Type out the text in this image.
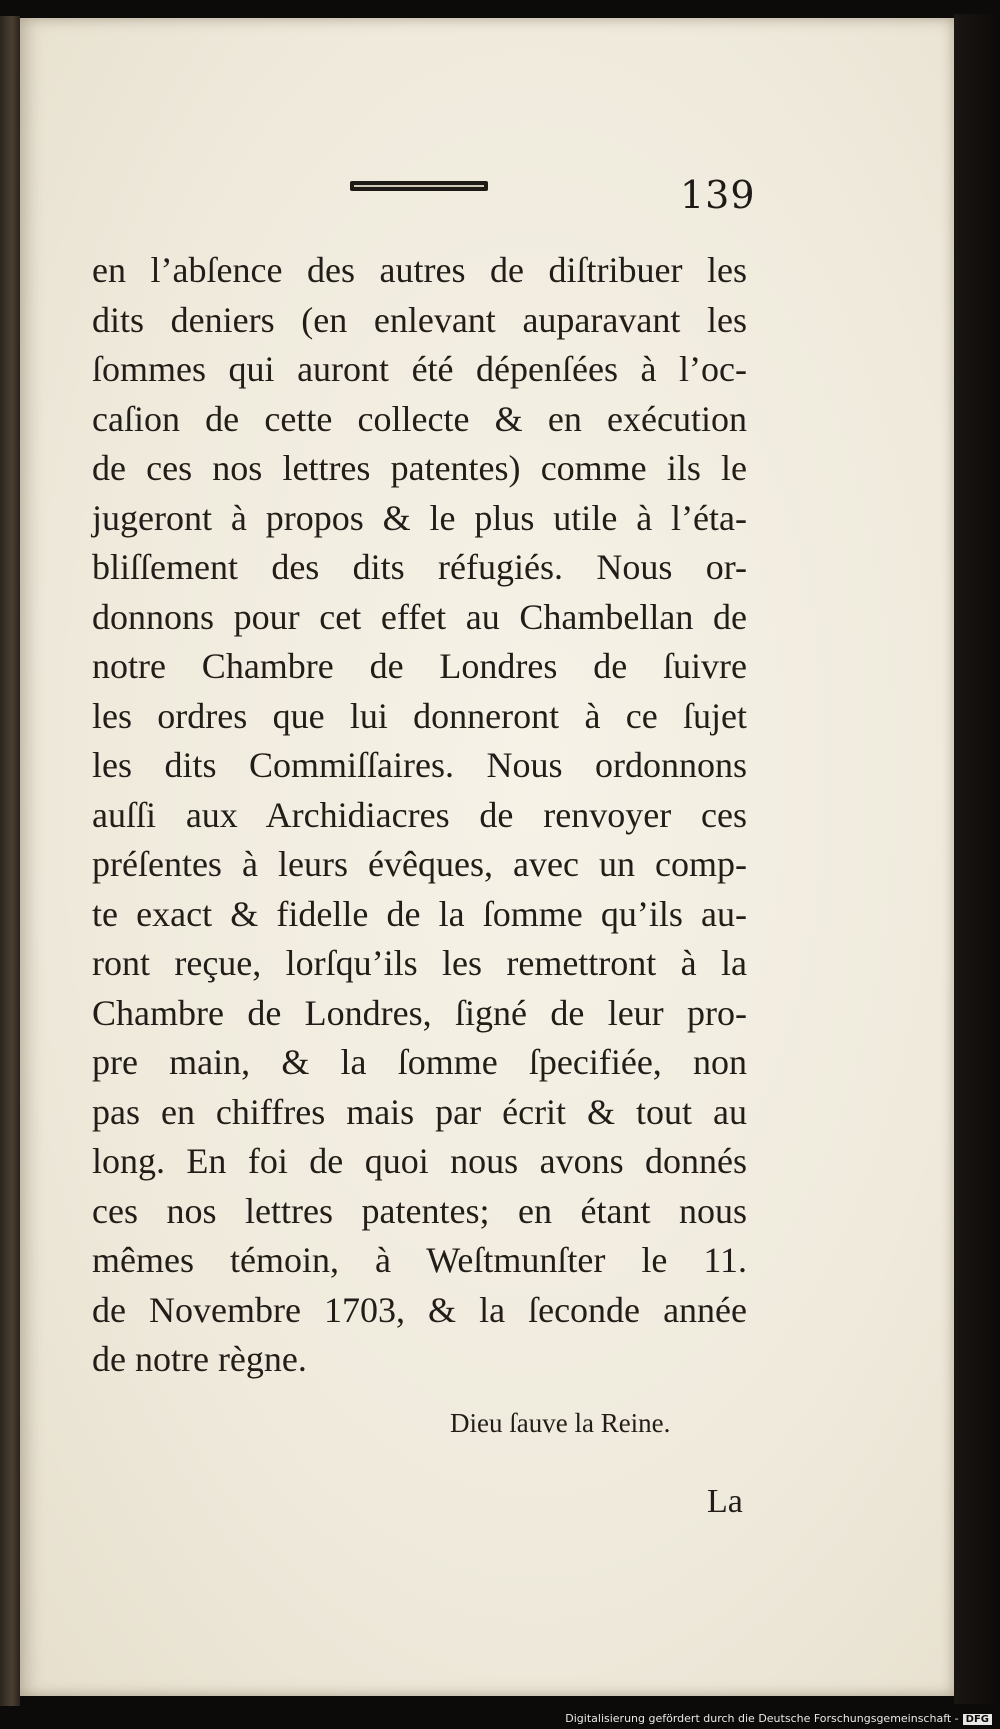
139
en l’abſence des autres de diſtribuer les
dits deniers (en enlevant auparavant les
ſommes qui auront été dépenſées à l’oc-
caſion de cette collecte & en exécution
de ces nos lettres patentes) comme ils le
jugeront à propos & le plus utile à l’éta-
bliſſement des dits réfugiés. Nous or-
donnons pour cet effet au Chambellan de
notre Chambre de Londres de ſuivre
les ordres que lui donneront à ce ſujet
les dits Commiſſaires. Nous ordonnons
auſſi aux Archidiacres de renvoyer ces
préſentes à leurs évêques, avec un comp-
te exact & fidelle de la ſomme qu’ils au-
ront reçue, lorſqu’ils les remettront à la
Chambre de Londres, ſigné de leur pro-
pre main, & la ſomme ſpecifiée, non
pas en chiffres mais par écrit & tout au
long. En foi de quoi nous avons donnés
ces nos lettres patentes; en étant nous
mêmes témoin, à Weſtmunſter le 11.
de Novembre 1703, & la ſeconde année
de notre règne.
Dieu ſauve la Reine.
La
Digitalisierung gefördert durch die Deutsche Forschungsgemeinschaft - DFG
